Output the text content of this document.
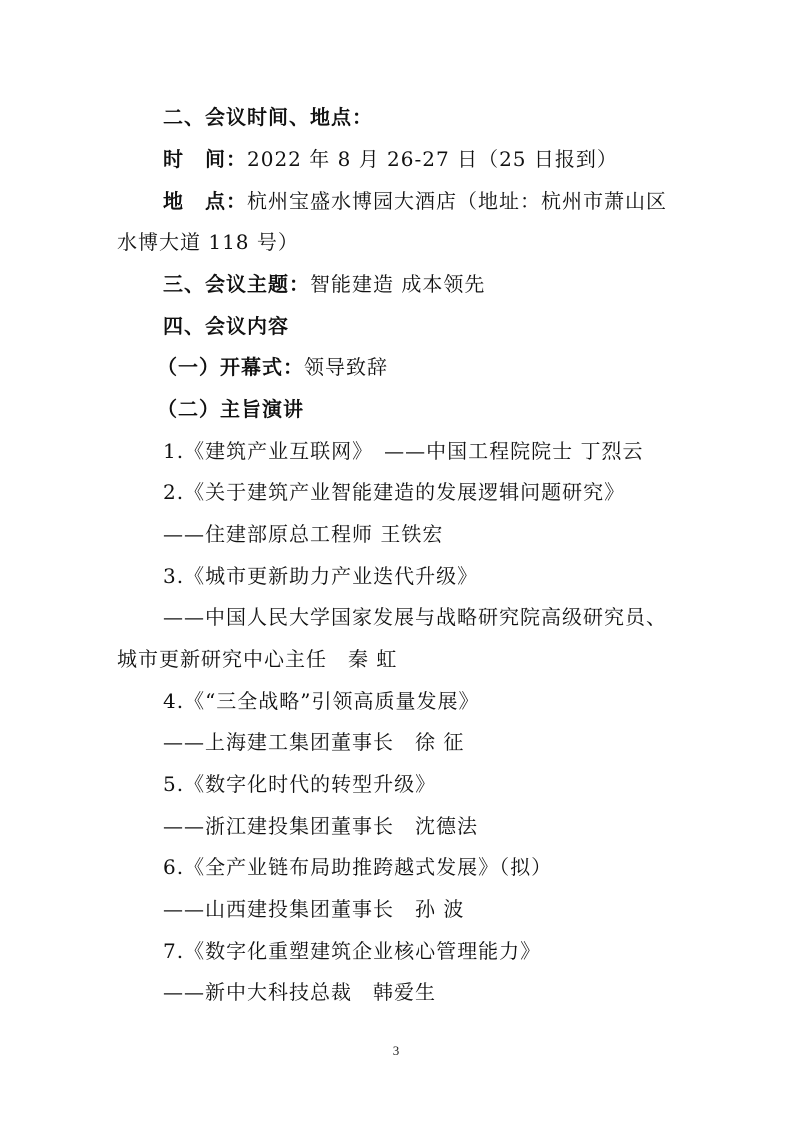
二、会议时间、地点：
时　间：2022 年 8 月 26-27 日（25 日报到）
地　点：杭州宝盛水博园大酒店（地址：杭州市萧山区
水博大道 118 号）
三、会议主题：智能建造 成本领先
四、会议内容
（一）开幕式：领导致辞
（二）主旨演讲
1.《建筑产业互联网》　——中国工程院院士 丁烈云
2.《关于建筑产业智能建造的发展逻辑问题研究》
——住建部原总工程师 王铁宏
3.《城市更新助力产业迭代升级》
——中国人民大学国家发展与战略研究院高级研究员、
城市更新研究中心主任　秦 虹
4.《“三全战略”引领高质量发展》
——上海建工集团董事长　徐 征
5.《数字化时代的转型升级》
——浙江建投集团董事长　沈德法
6.《全产业链布局助推跨越式发展》（拟）
——山西建投集团董事长　孙 波
7.《数字化重塑建筑企业核心管理能力》
——新中大科技总裁　韩爱生
3
